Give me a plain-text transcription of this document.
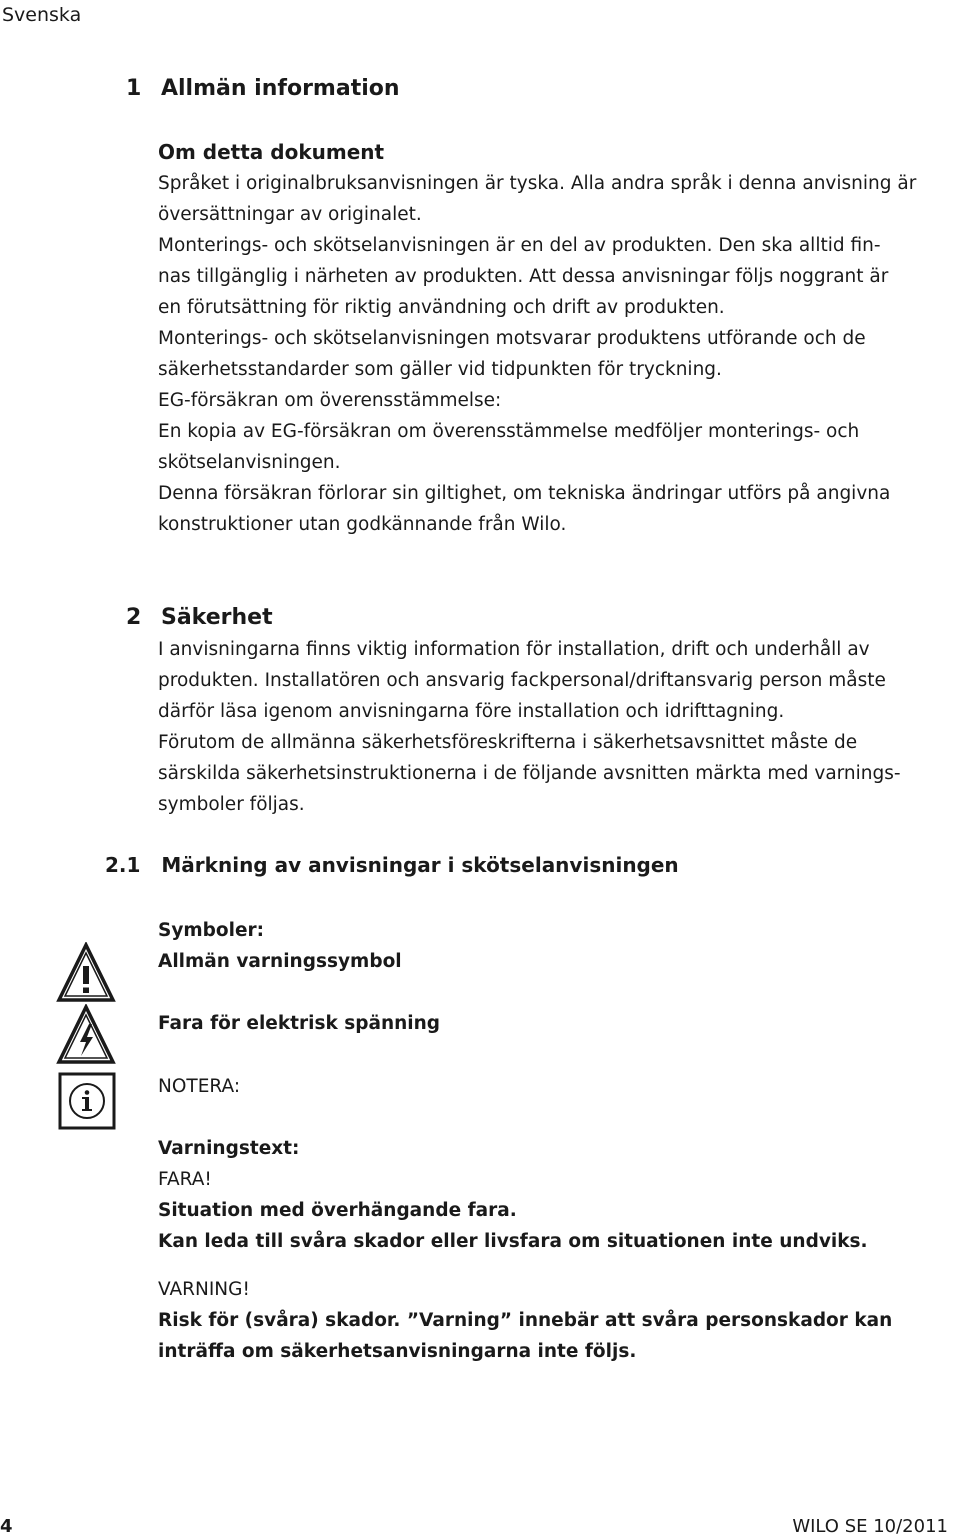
Svenska
1 Allmän information

Om detta dokument

Språket i originalbruksanvisningen är tyska. Alla andra språk i denna anvisning är

översättningar av originalet.

Monterings- och skötselanvisningen är en del av produkten. Den ska alltid fin-

nas tillgänglig i närheten av produkten. Att dessa anvisningar följs noggrant är

en förutsättning för riktig användning och drift av produkten.

Monterings- och skötselanvisningen motsvarar produktens utförande och de

säkerhetsstandarder som gäller vid tidpunkten för tryckning.

EG-försäkran om överensstämmelse:

En kopia av EG-försäkran om överensstämmelse medföljer monterings- och

skötselanvisningen.

Denna försäkran förlorar sin giltighet, om tekniska ändringar utförs på angivna

konstruktioner utan godkännande från Wilo.

2 Säkerhet

I anvisningarna finns viktig information för installation, drift och underhåll av

produkten. Installatören och ansvarig fackpersonal/driftansvarig person måste

därför läsa igenom anvisningarna före installation och idrifttagning.

Förutom de allmänna säkerhetsföreskrifterna i säkerhetsavsnittet måste de

särskilda säkerhetsinstruktionerna i de följande avsnitten märkta med varnings-

symboler följas.

2.1 Märkning av anvisningar i skötselanvisningen
Symboler:
Allmän varningssymbol
Fara för elektrisk spänning
NOTERA:

Varningstext:

FARA!

Situation med överhängande fara.

Kan leda till svåra skador eller livsfara om situationen inte undviks.

VARNING!

Risk för (svåra) skador. ”Varning” innebär att svåra personskador kan

inträffa om säkerhetsanvisningarna inte följs.

4	WILO SE 10/2011
